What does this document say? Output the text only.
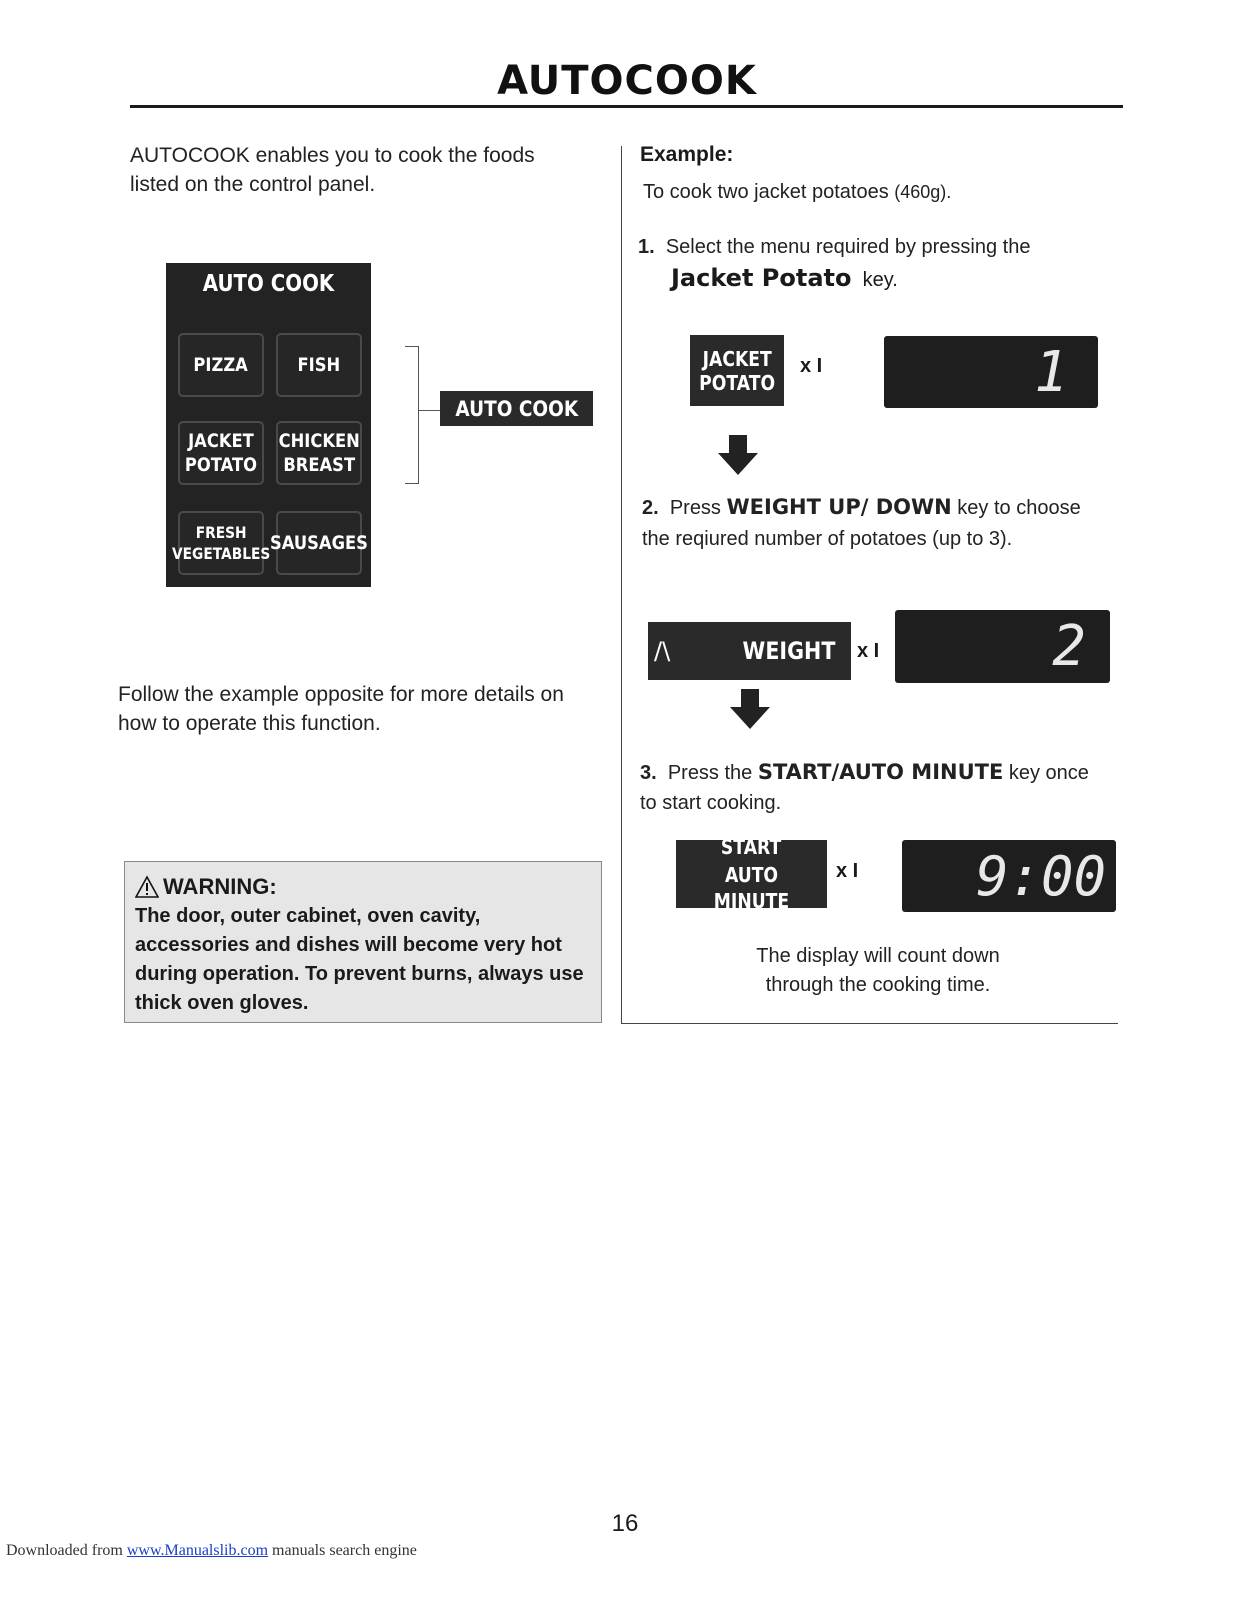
AUTOCOOK
AUTOCOOK enables you to cook the foods listed on the control panel.
AUTO COOK
PIZZA	FISH
JACKET
POTATO
CHICKEN
BREAST
FRESH
VEGETABLES SAUSAGES
AUTO COOK
Follow the example opposite for more details on how to operate this function.
WARNING:
The door, outer cabinet, oven cavity, accessories and dishes will become very hot during operation. To prevent burns, always use thick oven gloves.
Example:
To cook two jacket potatoes (460g).
1. Select the menu required by pressing the
Jacket Potato key.
JACKET
POTATO
x I	1
2. Press WEIGHT UP/ DOWN key to choose the reqiured number of potatoes (up to 3).
/\	WEIGHT x I	2
3. Press the START/AUTO MINUTE key once to start cooking.
START
AUTO MINUTE
x I	9:00
The display will count down through the cooking time.
16
Downloaded from www.Manualslib.com manuals search engine
